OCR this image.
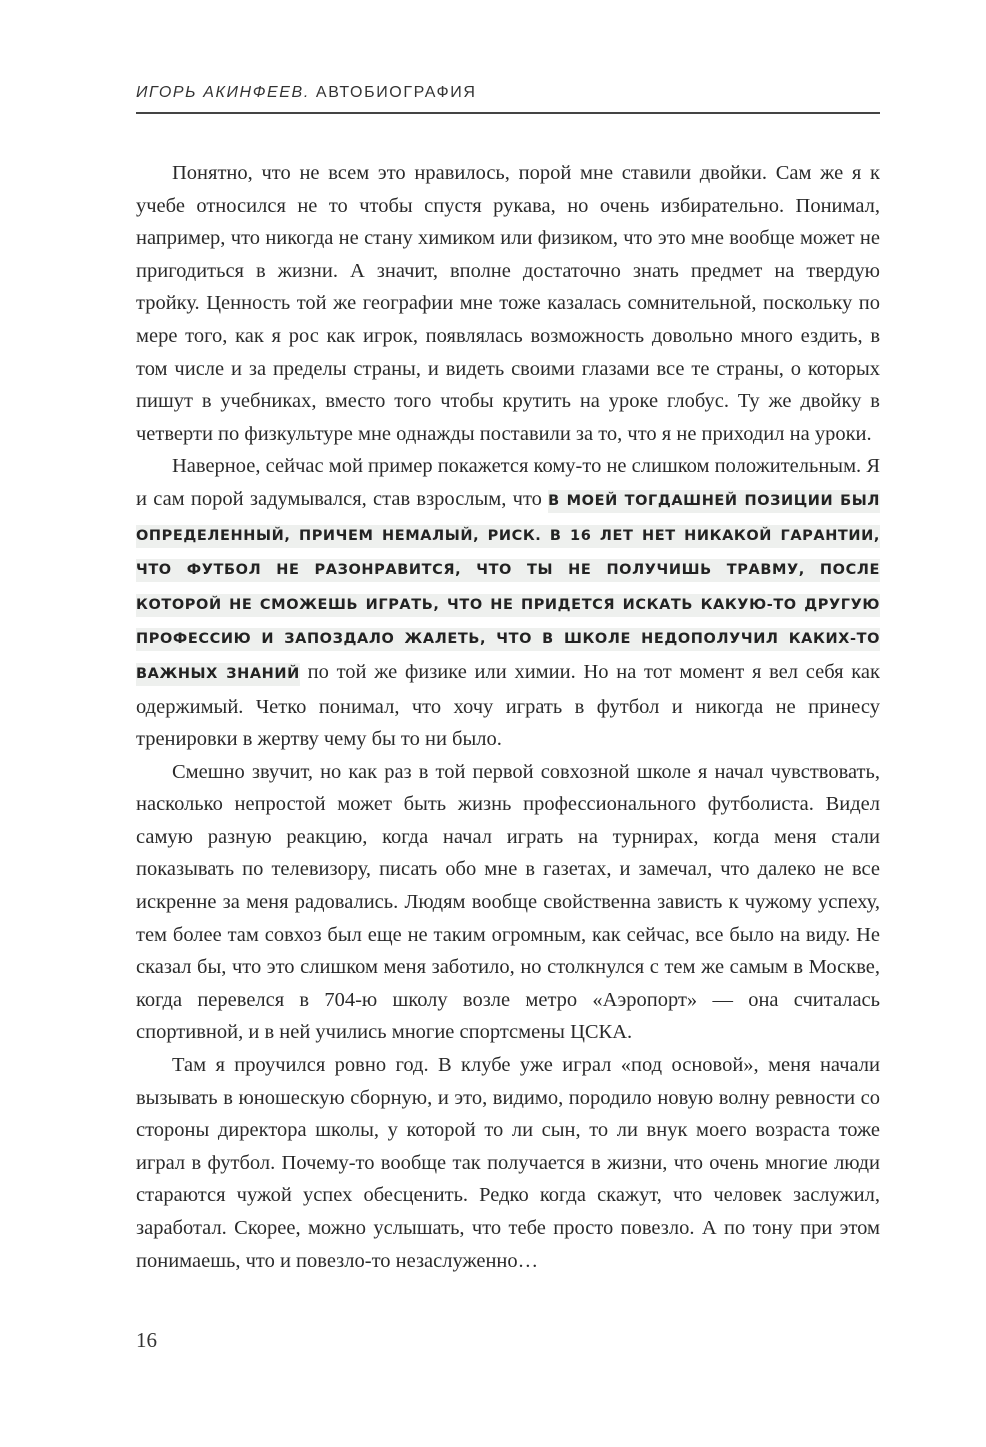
ИГОРЬ АКИНФЕЕВ. АВТОБИОГРАФИЯ

Понятно, что не всем это нравилось, порой мне ставили двойки. Сам же я к учебе относился не то чтобы спустя рукава, но очень избирательно. Понимал, например, что никогда не стану химиком или физиком, что это мне вообще может не пригодиться в жизни. А значит, вполне достаточно знать предмет на твердую тройку. Ценность той же географии мне тоже казалась сомнительной, поскольку по мере того, как я рос как игрок, появлялась возможность довольно много ездить, в том числе и за пределы страны, и видеть своими глазами все те страны, о которых пишут в учебниках, вместо того чтобы крутить на уроке глобус. Ту же двойку в четверти по физкультуре мне однажды поставили за то, что я не приходил на уроки.

Наверное, сейчас мой пример покажется кому-то не слишком положительным. Я и сам порой задумывался, став взрослым, что В МОЕЙ ТОГДАШНЕЙ ПОЗИЦИИ БЫЛ ОПРЕДЕЛЕННЫЙ, ПРИЧЕМ НЕМАЛЫЙ, РИСК. В 16 ЛЕТ НЕТ НИКАКОЙ ГАРАНТИИ, ЧТО ФУТБОЛ НЕ РАЗОНРАВИТСЯ, ЧТО ТЫ НЕ ПОЛУЧИШЬ ТРАВМУ, ПОСЛЕ КОТОРОЙ НЕ СМОЖЕШЬ ИГРАТЬ, ЧТО НЕ ПРИДЕТСЯ ИСКАТЬ КАКУЮ-ТО ДРУГУЮ ПРОФЕССИЮ И ЗАПОЗДАЛО ЖАЛЕТЬ, ЧТО В ШКОЛЕ НЕДОПОЛУЧИЛ КАКИХ-ТО ВАЖНЫХ ЗНАНИЙ по той же физике или химии. Но на тот момент я вел себя как одержимый. Четко понимал, что хочу играть в футбол и никогда не принесу тренировки в жертву чему бы то ни было.

Смешно звучит, но как раз в той первой совхозной школе я начал чувствовать, насколько непростой может быть жизнь профессионального футболиста. Видел самую разную реакцию, когда начал играть на турнирах, когда меня стали показывать по телевизору, писать обо мне в газетах, и замечал, что далеко не все искренне за меня радовались. Людям вообще свойственна зависть к чужому успеху, тем более там совхоз был еще не таким огромным, как сейчас, все было на виду. Не сказал бы, что это слишком меня заботило, но столкнулся с тем же самым в Москве, когда перевелся в 704-ю школу возле метро «Аэропорт» — она считалась спортивной, и в ней учились многие спортсмены ЦСКА.

Там я проучился ровно год. В клубе уже играл «под основой», меня начали вызывать в юношескую сборную, и это, видимо, породило новую волну ревности со стороны директора школы, у которой то ли сын, то ли внук моего возраста тоже играл в футбол. Почему-то вообще так получается в жизни, что очень многие люди стараются чужой успех обесценить. Редко когда скажут, что человек заслужил, заработал. Скорее, можно услышать, что тебе просто повезло. А по тону при этом понимаешь, что и повезло-то незаслуженно…

16
